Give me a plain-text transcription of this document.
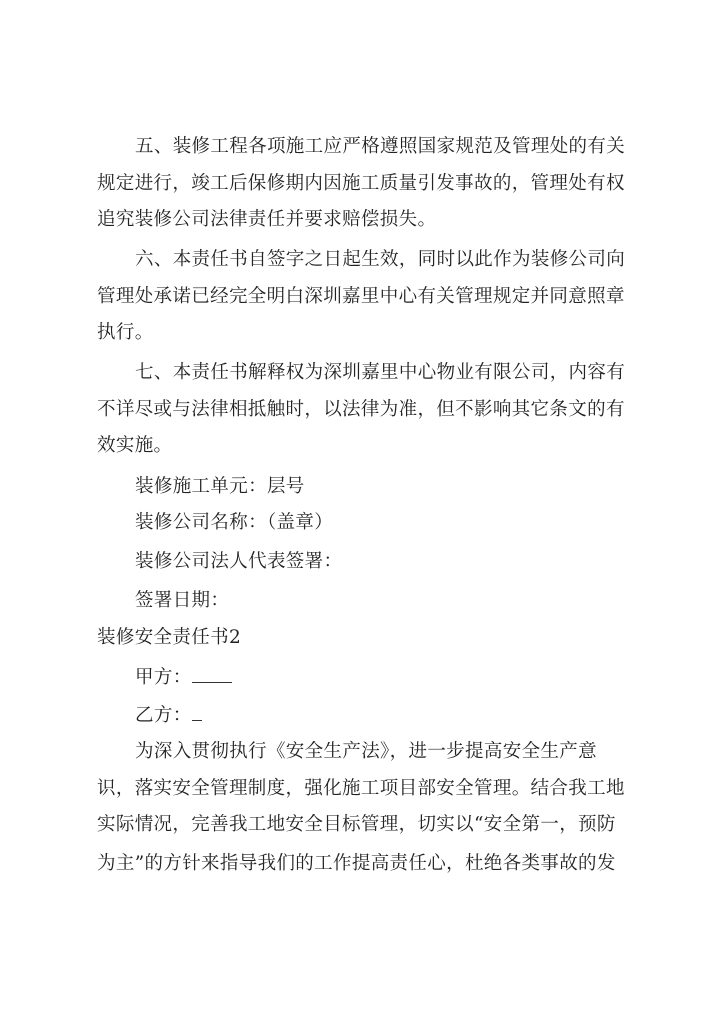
五、装修工程各项施工应严格遵照国家规范及管理处的有关
规定进行，竣工后保修期内因施工质量引发事故的，管理处有权
追究装修公司法律责任并要求赔偿损失。
六、本责任书自签字之日起生效，同时以此作为装修公司向
管理处承诺已经完全明白深圳嘉里中心有关管理规定并同意照章
执行。
七、本责任书解释权为深圳嘉里中心物业有限公司，内容有
不详尽或与法律相抵触时，以法律为准，但不影响其它条文的有
效实施。
装修施工单元：层号
装修公司名称：（盖章）
装修公司法人代表签署：
签署日期：
装修安全责任书2
甲方：
乙方：
为深入贯彻执行《安全生产法》，进一步提高安全生产意
识，落实安全管理制度，强化施工项目部安全管理。结合我工地
实际情况，完善我工地安全目标管理，切实以“安全第一，预防
为主”的方针来指导我们的工作提高责任心，杜绝各类事故的发
